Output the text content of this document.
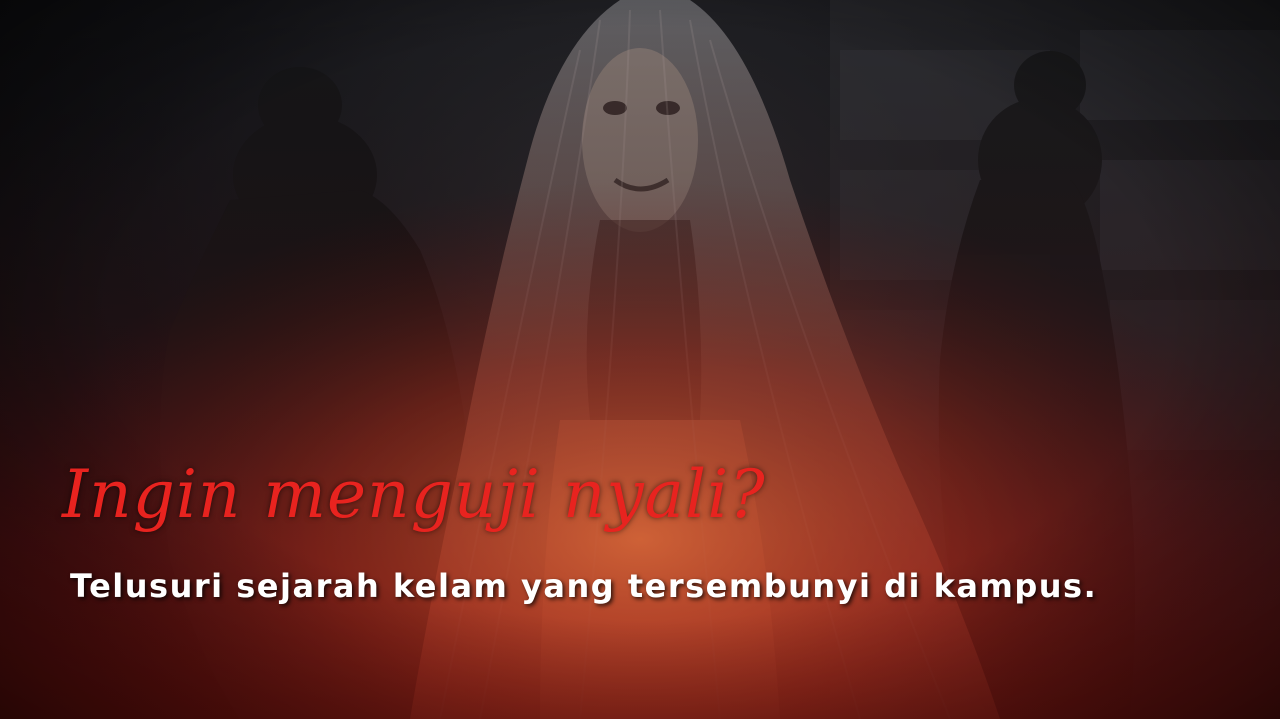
Ingin menguji nyali?

Telusuri sejarah kelam yang tersembunyi di kampus.
